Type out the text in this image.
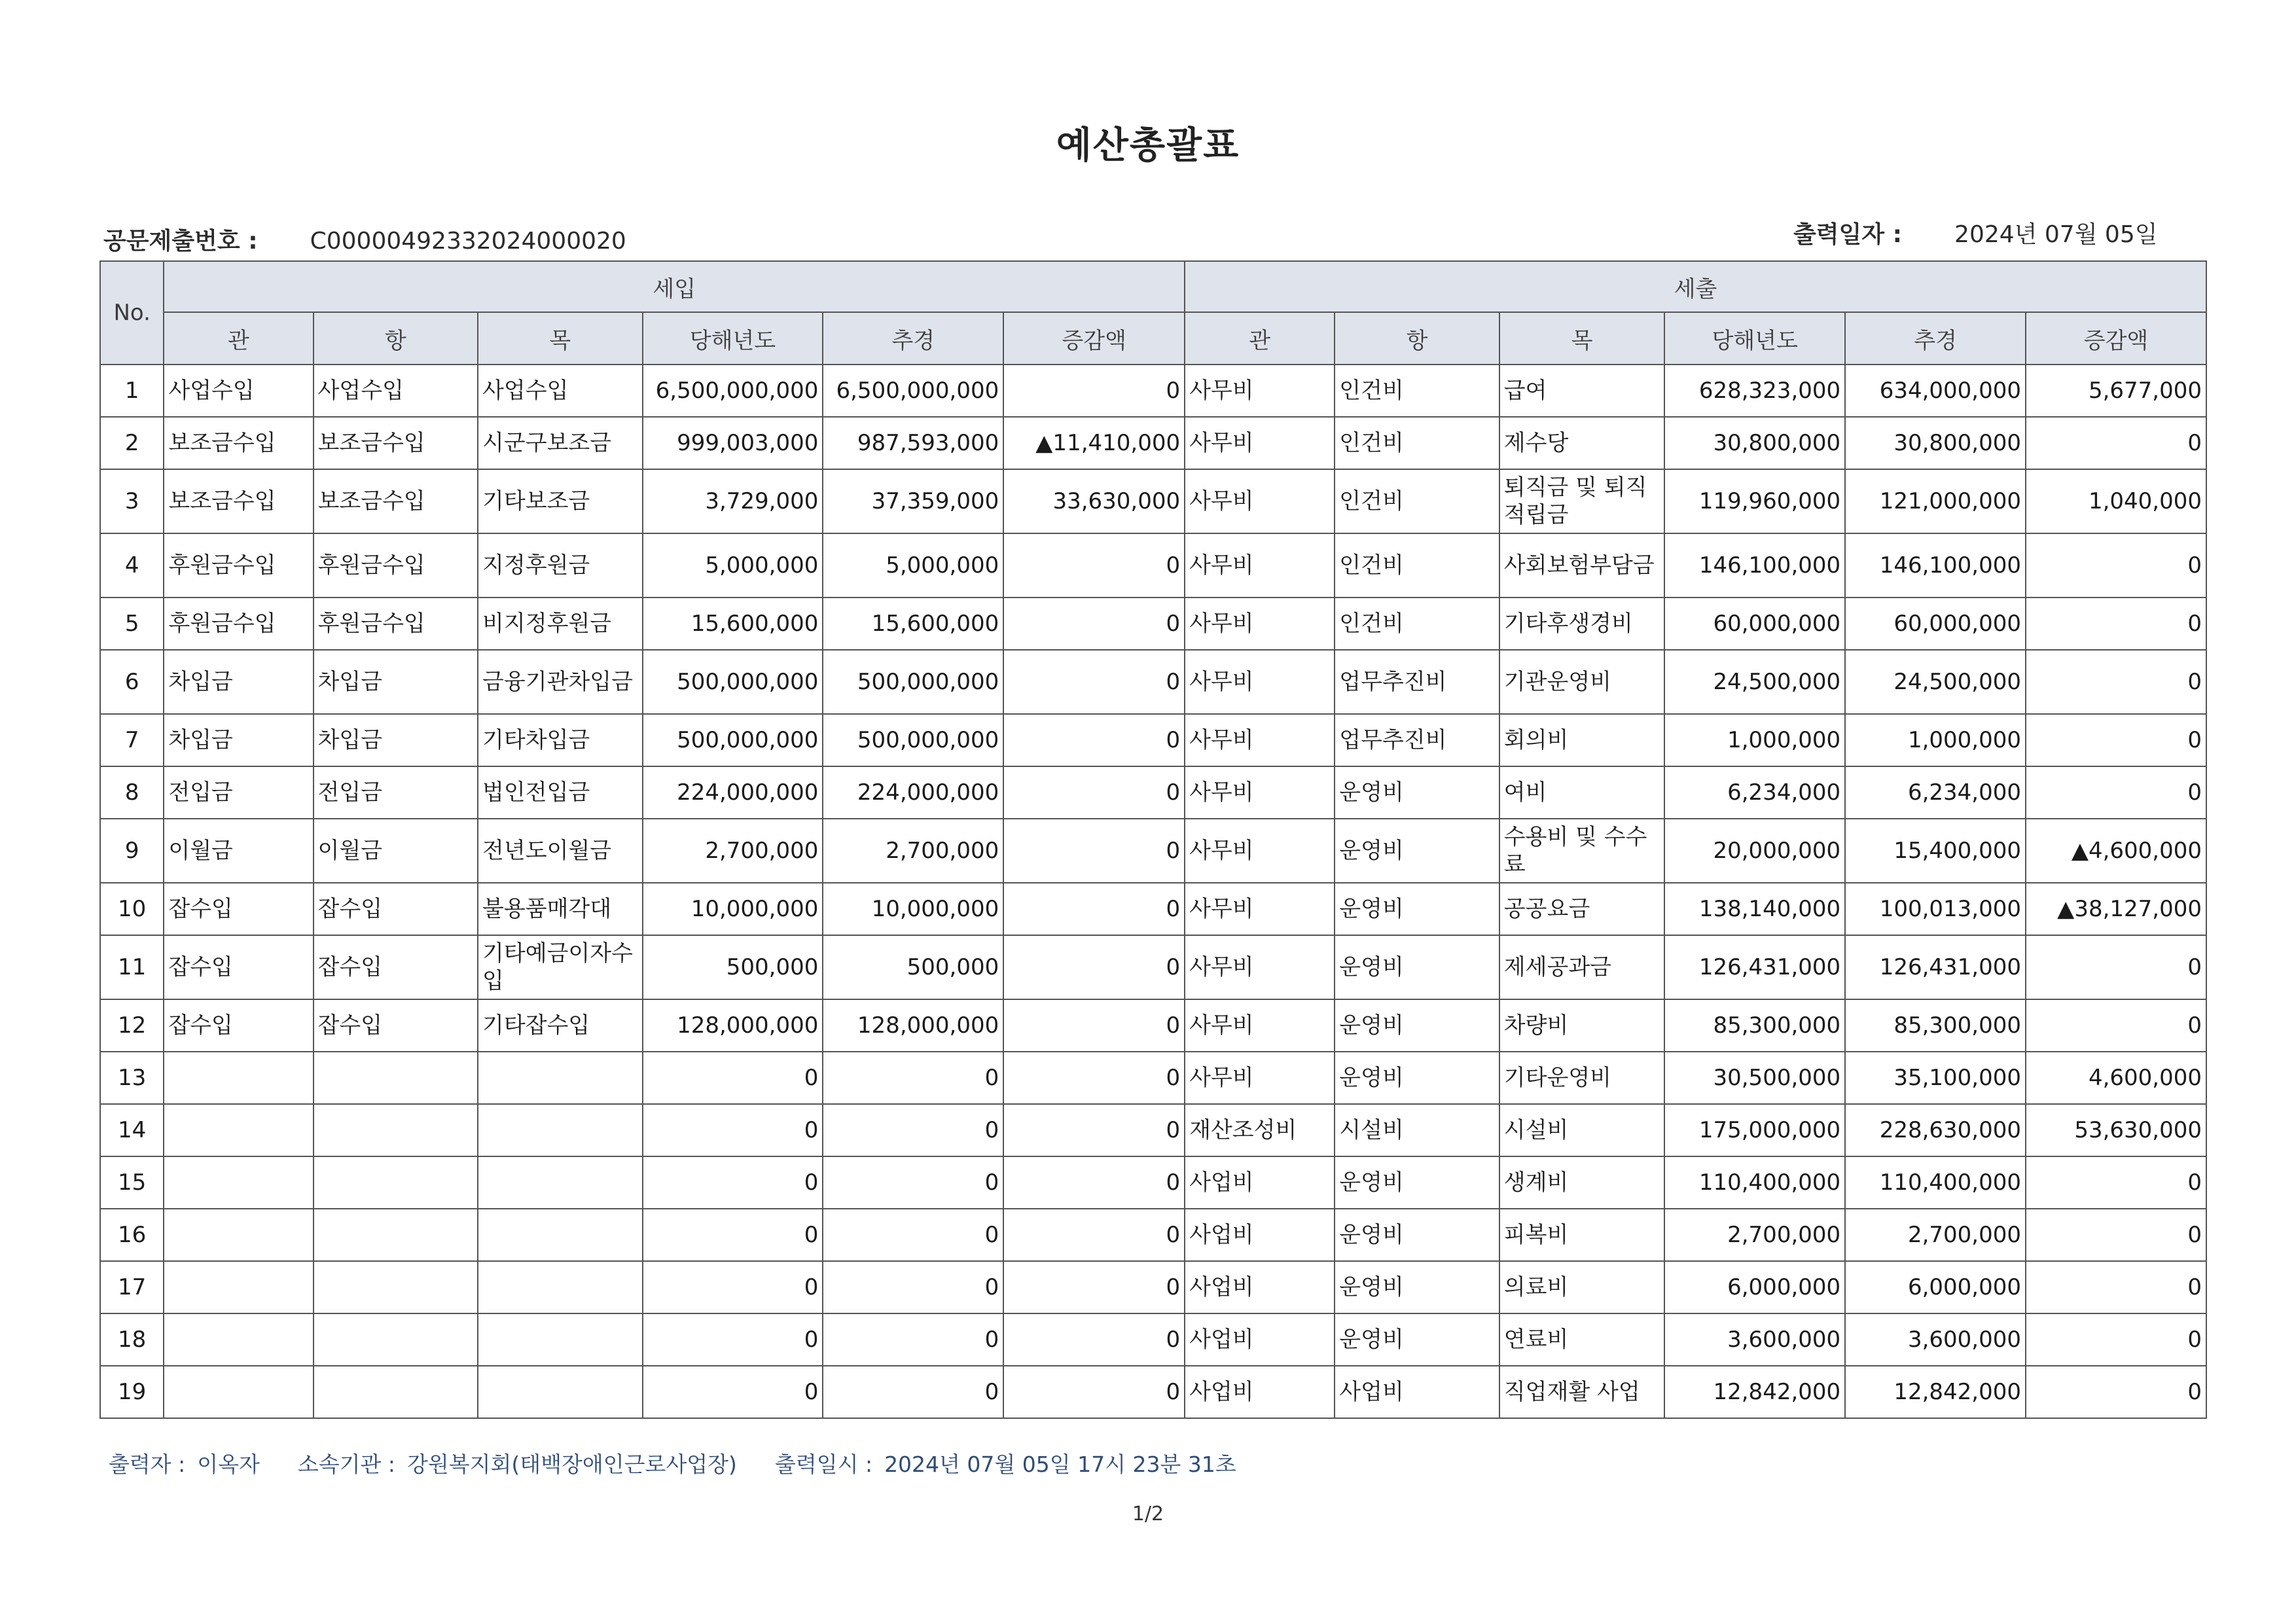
예산총괄표
공문제출번호 : C00000492332024000020	출력일자 : 2024년 07월 05일
No.	세입						세출					
	관	항	목	당해년도	추경	증감액	관	항	목	당해년도	추경	증감액
1	사업수입	사업수입	사업수입	6,500,000,000	6,500,000,000	0	사무비	인건비	급여	628,323,000	634,000,000	5,677,000
2	보조금수입	보조금수입	시군구보조금	999,003,000	987,593,000	▲11,410,000	사무비	인건비	제수당	30,800,000	30,800,000	0
3	보조금수입	보조금수입	기타보조금	3,729,000	37,359,000	33,630,000	사무비	인건비	퇴직금 및 퇴직적립금	119,960,000	121,000,000	1,040,000
4	후원금수입	후원금수입	지정후원금	5,000,000	5,000,000	0	사무비	인건비	사회보험부담금	146,100,000	146,100,000	0
5	후원금수입	후원금수입	비지정후원금	15,600,000	15,600,000	0	사무비	인건비	기타후생경비	60,000,000	60,000,000	0
6	차입금	차입금	금융기관차입금	500,000,000	500,000,000	0	사무비	업무추진비	기관운영비	24,500,000	24,500,000	0
7	차입금	차입금	기타차입금	500,000,000	500,000,000	0	사무비	업무추진비	회의비	1,000,000	1,000,000	0
8	전입금	전입금	법인전입금	224,000,000	224,000,000	0	사무비	운영비	여비	6,234,000	6,234,000	0
9	이월금	이월금	전년도이월금	2,700,000	2,700,000	0	사무비	운영비	수용비 및 수수료	20,000,000	15,400,000	▲4,600,000
10	잡수입	잡수입	불용품매각대	10,000,000	10,000,000	0	사무비	운영비	공공요금	138,140,000	100,013,000	▲38,127,000
11	잡수입	잡수입	기타예금이자수입	500,000	500,000	0	사무비	운영비	제세공과금	126,431,000	126,431,000	0
12	잡수입	잡수입	기타잡수입	128,000,000	128,000,000	0	사무비	운영비	차량비	85,300,000	85,300,000	0
13				0	0	0	사무비	운영비	기타운영비	30,500,000	35,100,000	4,600,000
14				0	0	0	재산조성비	시설비	시설비	175,000,000	228,630,000	53,630,000
15				0	0	0	사업비	운영비	생계비	110,400,000	110,400,000	0
16				0	0	0	사업비	운영비	피복비	2,700,000	2,700,000	0
17				0	0	0	사업비	운영비	의료비	6,000,000	6,000,000	0
18				0	0	0	사업비	운영비	연료비	3,600,000	3,600,000	0
19				0	0	0	사업비	사업비	직업재활 사업	12,842,000	12,842,000	0
출력자 : 이옥자 소속기관 : 강원복지회(태백장애인근로사업장) 출력일시 : 2024년 07월 05일 17시 23분 31초
1/2
